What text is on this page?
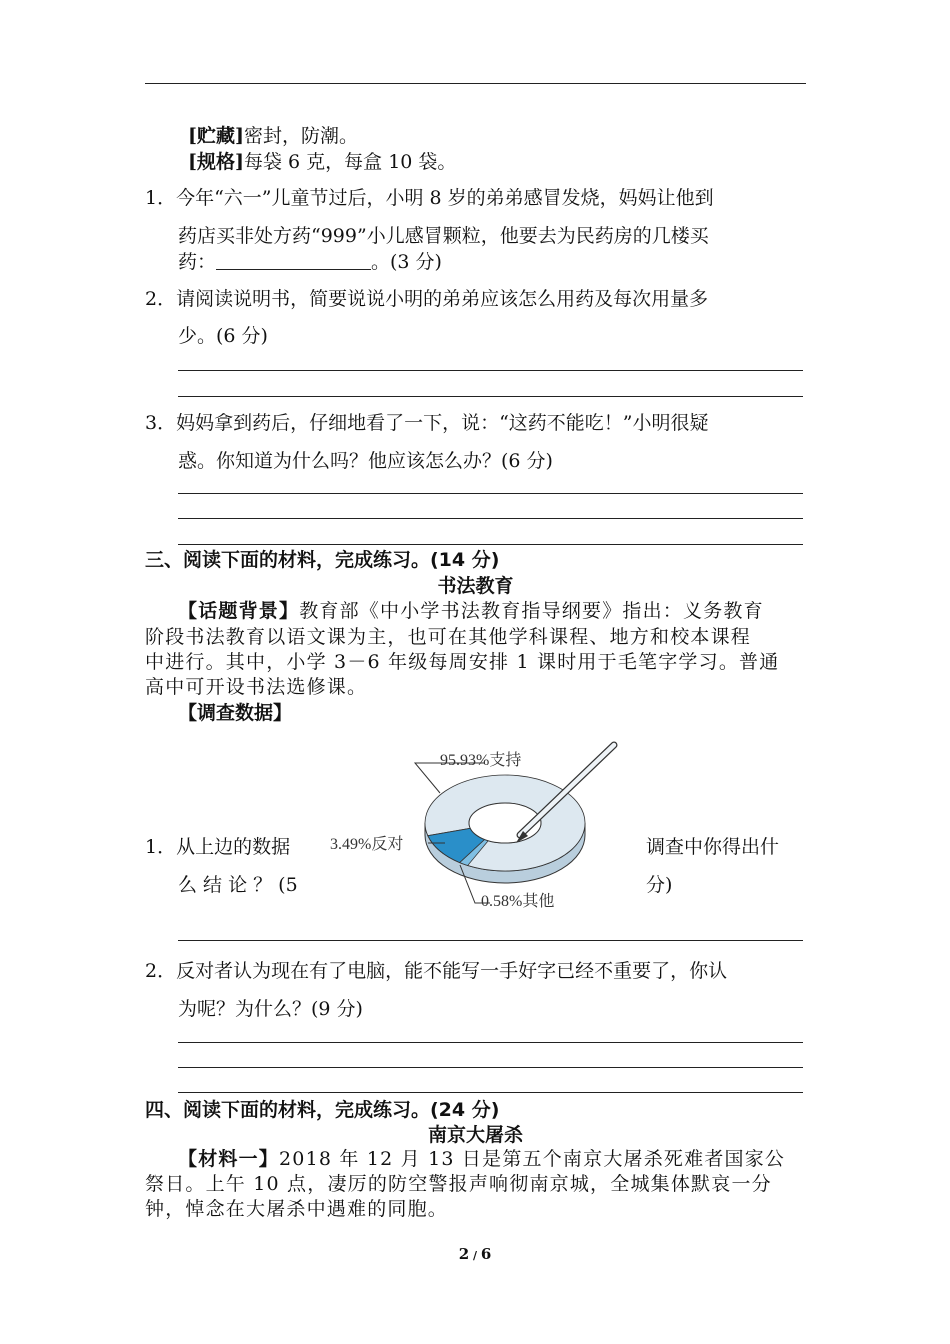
[贮藏]密封，防潮。
[规格]每袋 6 克，每盒 10 袋。
1．今年“六一”儿童节过后，小明 8 岁的弟弟感冒发烧，妈妈让他到
药店买非处方药“999”小儿感冒颗粒，他要去为民药房的几楼买
药：	。(3 分)
2．请阅读说明书，简要说说小明的弟弟应该怎么用药及每次用量多
少。(6 分)
3．妈妈拿到药后，仔细地看了一下，说：“这药不能吃！”小明很疑
惑。你知道为什么吗？他应该怎么办？(6 分)
三、阅读下面的材料，完成练习。(14 分)
书法教育
【话题背景】教育部《中小学书法教育指导纲要》指出：义务教育
阶段书法教育以语文课为主，也可在其他学科课程、地方和校本课程
中进行。其中，小学 3－6 年级每周安排 1 课时用于毛笔字学习。普通
高中可开设书法选修课。
【调查数据】
95.93%支持
3.49%反对
0.58%其他
1．从上边的数据
么 结 论 ？ (5
调查中你得出什
分)
2．反对者认为现在有了电脑，能不能写一手好字已经不重要了，你认
为呢？为什么？(9 分)
四、阅读下面的材料，完成练习。(24 分)
南京大屠杀
【材料一】2018 年 12 月 13 日是第五个南京大屠杀死难者国家公
祭日。上午 10 点，凄厉的防空警报声响彻南京城，全城集体默哀一分
钟，悼念在大屠杀中遇难的同胞。
2 / 6
